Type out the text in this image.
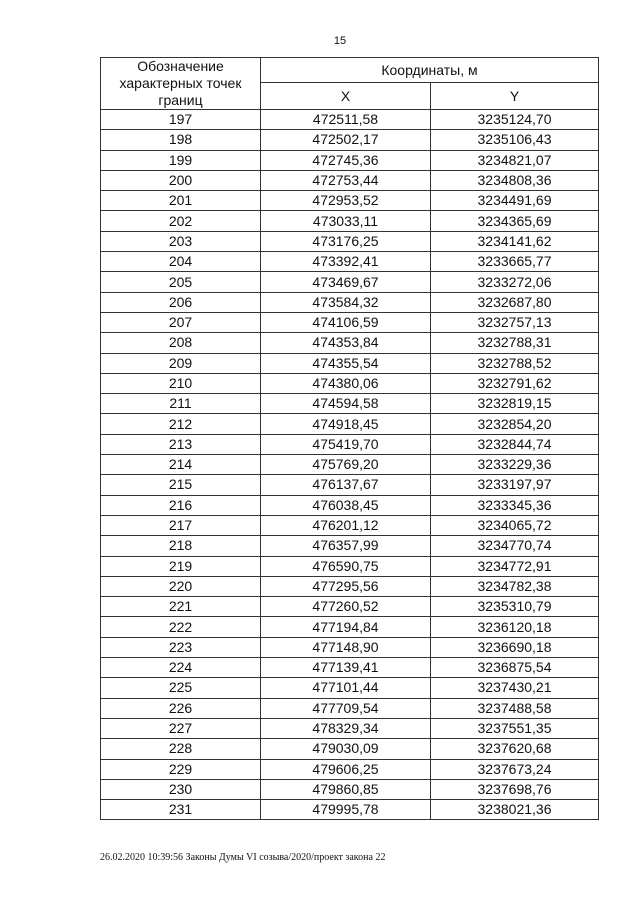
15
Обозначение характерных точек границ	Координаты, м	
	X	Y
197	472511,58	3235124,70
198	472502,17	3235106,43
199	472745,36	3234821,07
200	472753,44	3234808,36
201	472953,52	3234491,69
202	473033,11	3234365,69
203	473176,25	3234141,62
204	473392,41	3233665,77
205	473469,67	3233272,06
206	473584,32	3232687,80
207	474106,59	3232757,13
208	474353,84	3232788,31
209	474355,54	3232788,52
210	474380,06	3232791,62
211	474594,58	3232819,15
212	474918,45	3232854,20
213	475419,70	3232844,74
214	475769,20	3233229,36
215	476137,67	3233197,97
216	476038,45	3233345,36
217	476201,12	3234065,72
218	476357,99	3234770,74
219	476590,75	3234772,91
220	477295,56	3234782,38
221	477260,52	3235310,79
222	477194,84	3236120,18
223	477148,90	3236690,18
224	477139,41	3236875,54
225	477101,44	3237430,21
226	477709,54	3237488,58
227	478329,34	3237551,35
228	479030,09	3237620,68
229	479606,25	3237673,24
230	479860,85	3237698,76
231	479995,78	3238021,36
26.02.2020 10:39:56 Законы Думы VI созыва/2020/проект закона 22
